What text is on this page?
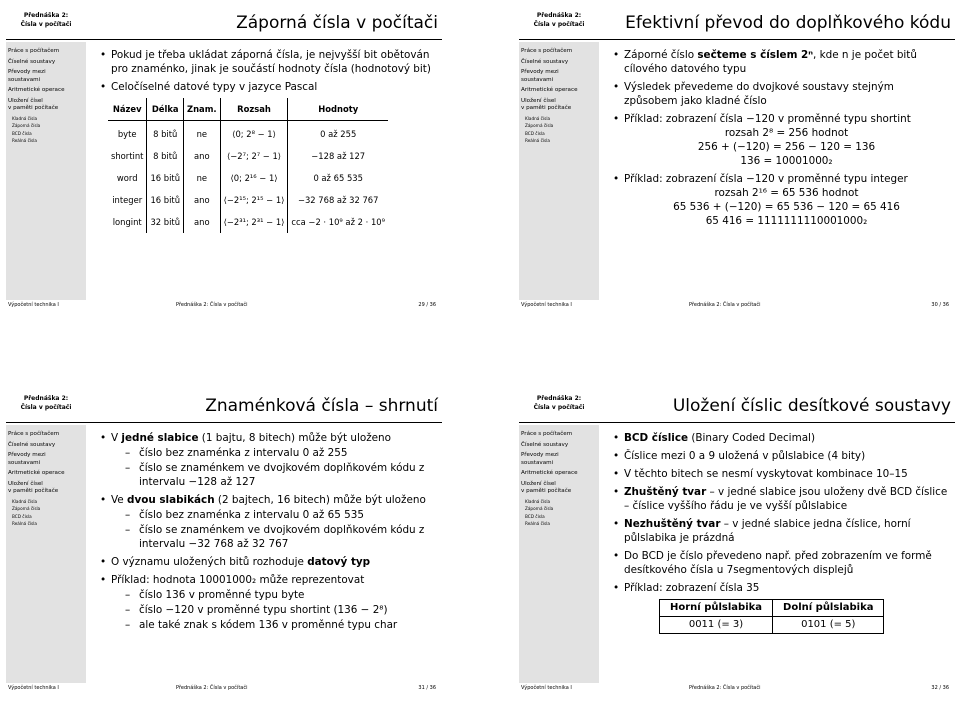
Přednáška 2:
Čísla v počítači	Záporná čísla v počítači
Práce s počítačem
Číselné soustavy
Převody mezi
soustavami
Aritmetické operace
Uložení čísel
v paměti počítače
Kladná čísla
Záporná čísla
BCD čísla
Reálná čísla
• Pokud je třeba ukládat záporná čísla, je nejvyšší bit obětován pro znaménko, jinak je součástí hodnoty čísla (hodnotový bit)
• Celočíselné datové typy v jazyce Pascal
Název	Délka	Znam.	Rozsah	Hodnoty
byte	8 bitů	ne	⟨0; 2⁸ − 1⟩	0 až 255
shortint	8 bitů	ano	⟨−2⁷; 2⁷ − 1⟩	−128 až 127
word	16 bitů	ne	⟨0; 2¹⁶ − 1⟩	0 až 65 535
integer	16 bitů	ano	⟨−2¹⁵; 2¹⁵ − 1⟩	−32 768 až 32 767
longint	32 bitů	ano	⟨−2³¹; 2³¹ − 1⟩	cca −2 · 10⁹ až 2 · 10⁹
Výpočetní technika I	Přednáška 2: Čísla v počítači	29 / 36
Přednáška 2:
Čísla v počítači	Efektivní převod do doplňkového kódu
Práce s počítačem
Číselné soustavy
Převody mezi
soustavami
Aritmetické operace
Uložení čísel
v paměti počítače
Kladná čísla
Záporná čísla
BCD čísla
Reálná čísla
• Záporné číslo sečteme s číslem 2ⁿ, kde n je počet bitů cílového datového typu
• Výsledek převedeme do dvojkové soustavy stejným způsobem jako kladné číslo
• Příklad: zobrazení čísla −120 v proměnné typu shortint
rozsah 2⁸ = 256 hodnot
256 + (−120) = 256 − 120 = 136
136 = 10001000₂
• Příklad: zobrazení čísla −120 v proměnné typu integer
rozsah 2¹⁶ = 65 536 hodnot
65 536 + (−120) = 65 536 − 120 = 65 416
65 416 = 1111111110001000₂
Výpočetní technika I	Přednáška 2: Čísla v počítači	30 / 36
Přednáška 2:
Čísla v počítači	Znaménková čísla – shrnutí
Práce s počítačem
Číselné soustavy
Převody mezi
soustavami
Aritmetické operace
Uložení čísel
v paměti počítače
Kladná čísla
Záporná čísla
BCD čísla
Reálná čísla
• V jedné slabice (1 bajtu, 8 bitech) může být uloženo
– číslo bez znaménka z intervalu 0 až 255
– číslo se znaménkem ve dvojkovém doplňkovém kódu z intervalu −128 až 127
• Ve dvou slabikách (2 bajtech, 16 bitech) může být uloženo
– číslo bez znaménka z intervalu 0 až 65 535
– číslo se znaménkem ve dvojkovém doplňkovém kódu z intervalu −32 768 až 32 767
• O významu uložených bitů rozhoduje datový typ
• Příklad: hodnota 10001000₂ může reprezentovat
– číslo 136 v proměnné typu byte
– číslo −120 v proměnné typu shortint (136 − 2⁸)
– ale také znak s kódem 136 v proměnné typu char
Výpočetní technika I	Přednáška 2: Čísla v počítači	31 / 36
Přednáška 2:
Čísla v počítači	Uložení číslic desítkové soustavy
Práce s počítačem
Číselné soustavy
Převody mezi
soustavami
Aritmetické operace
Uložení čísel
v paměti počítače
Kladná čísla
Záporná čísla
BCD čísla
Reálná čísla
• BCD číslice (Binary Coded Decimal)
• Číslice mezi 0 a 9 uložená v půlslabice (4 bity)
• V těchto bitech se nesmí vyskytovat kombinace 10–15
• Zhuštěný tvar – v jedné slabice jsou uloženy dvě BCD číslice – číslice vyššího řádu je ve vyšší půlslabice
• Nezhuštěný tvar – v jedné slabice jedna číslice, horní půlslabika je prázdná
• Do BCD je číslo převedeno např. před zobrazením ve formě desítkového čísla u 7segmentových displejů
• Příklad: zobrazení čísla 35
Horní půlslabika	Dolní půlslabika
0011 (= 3)	0101 (= 5)
Výpočetní technika I	Přednáška 2: Čísla v počítači	32 / 36
